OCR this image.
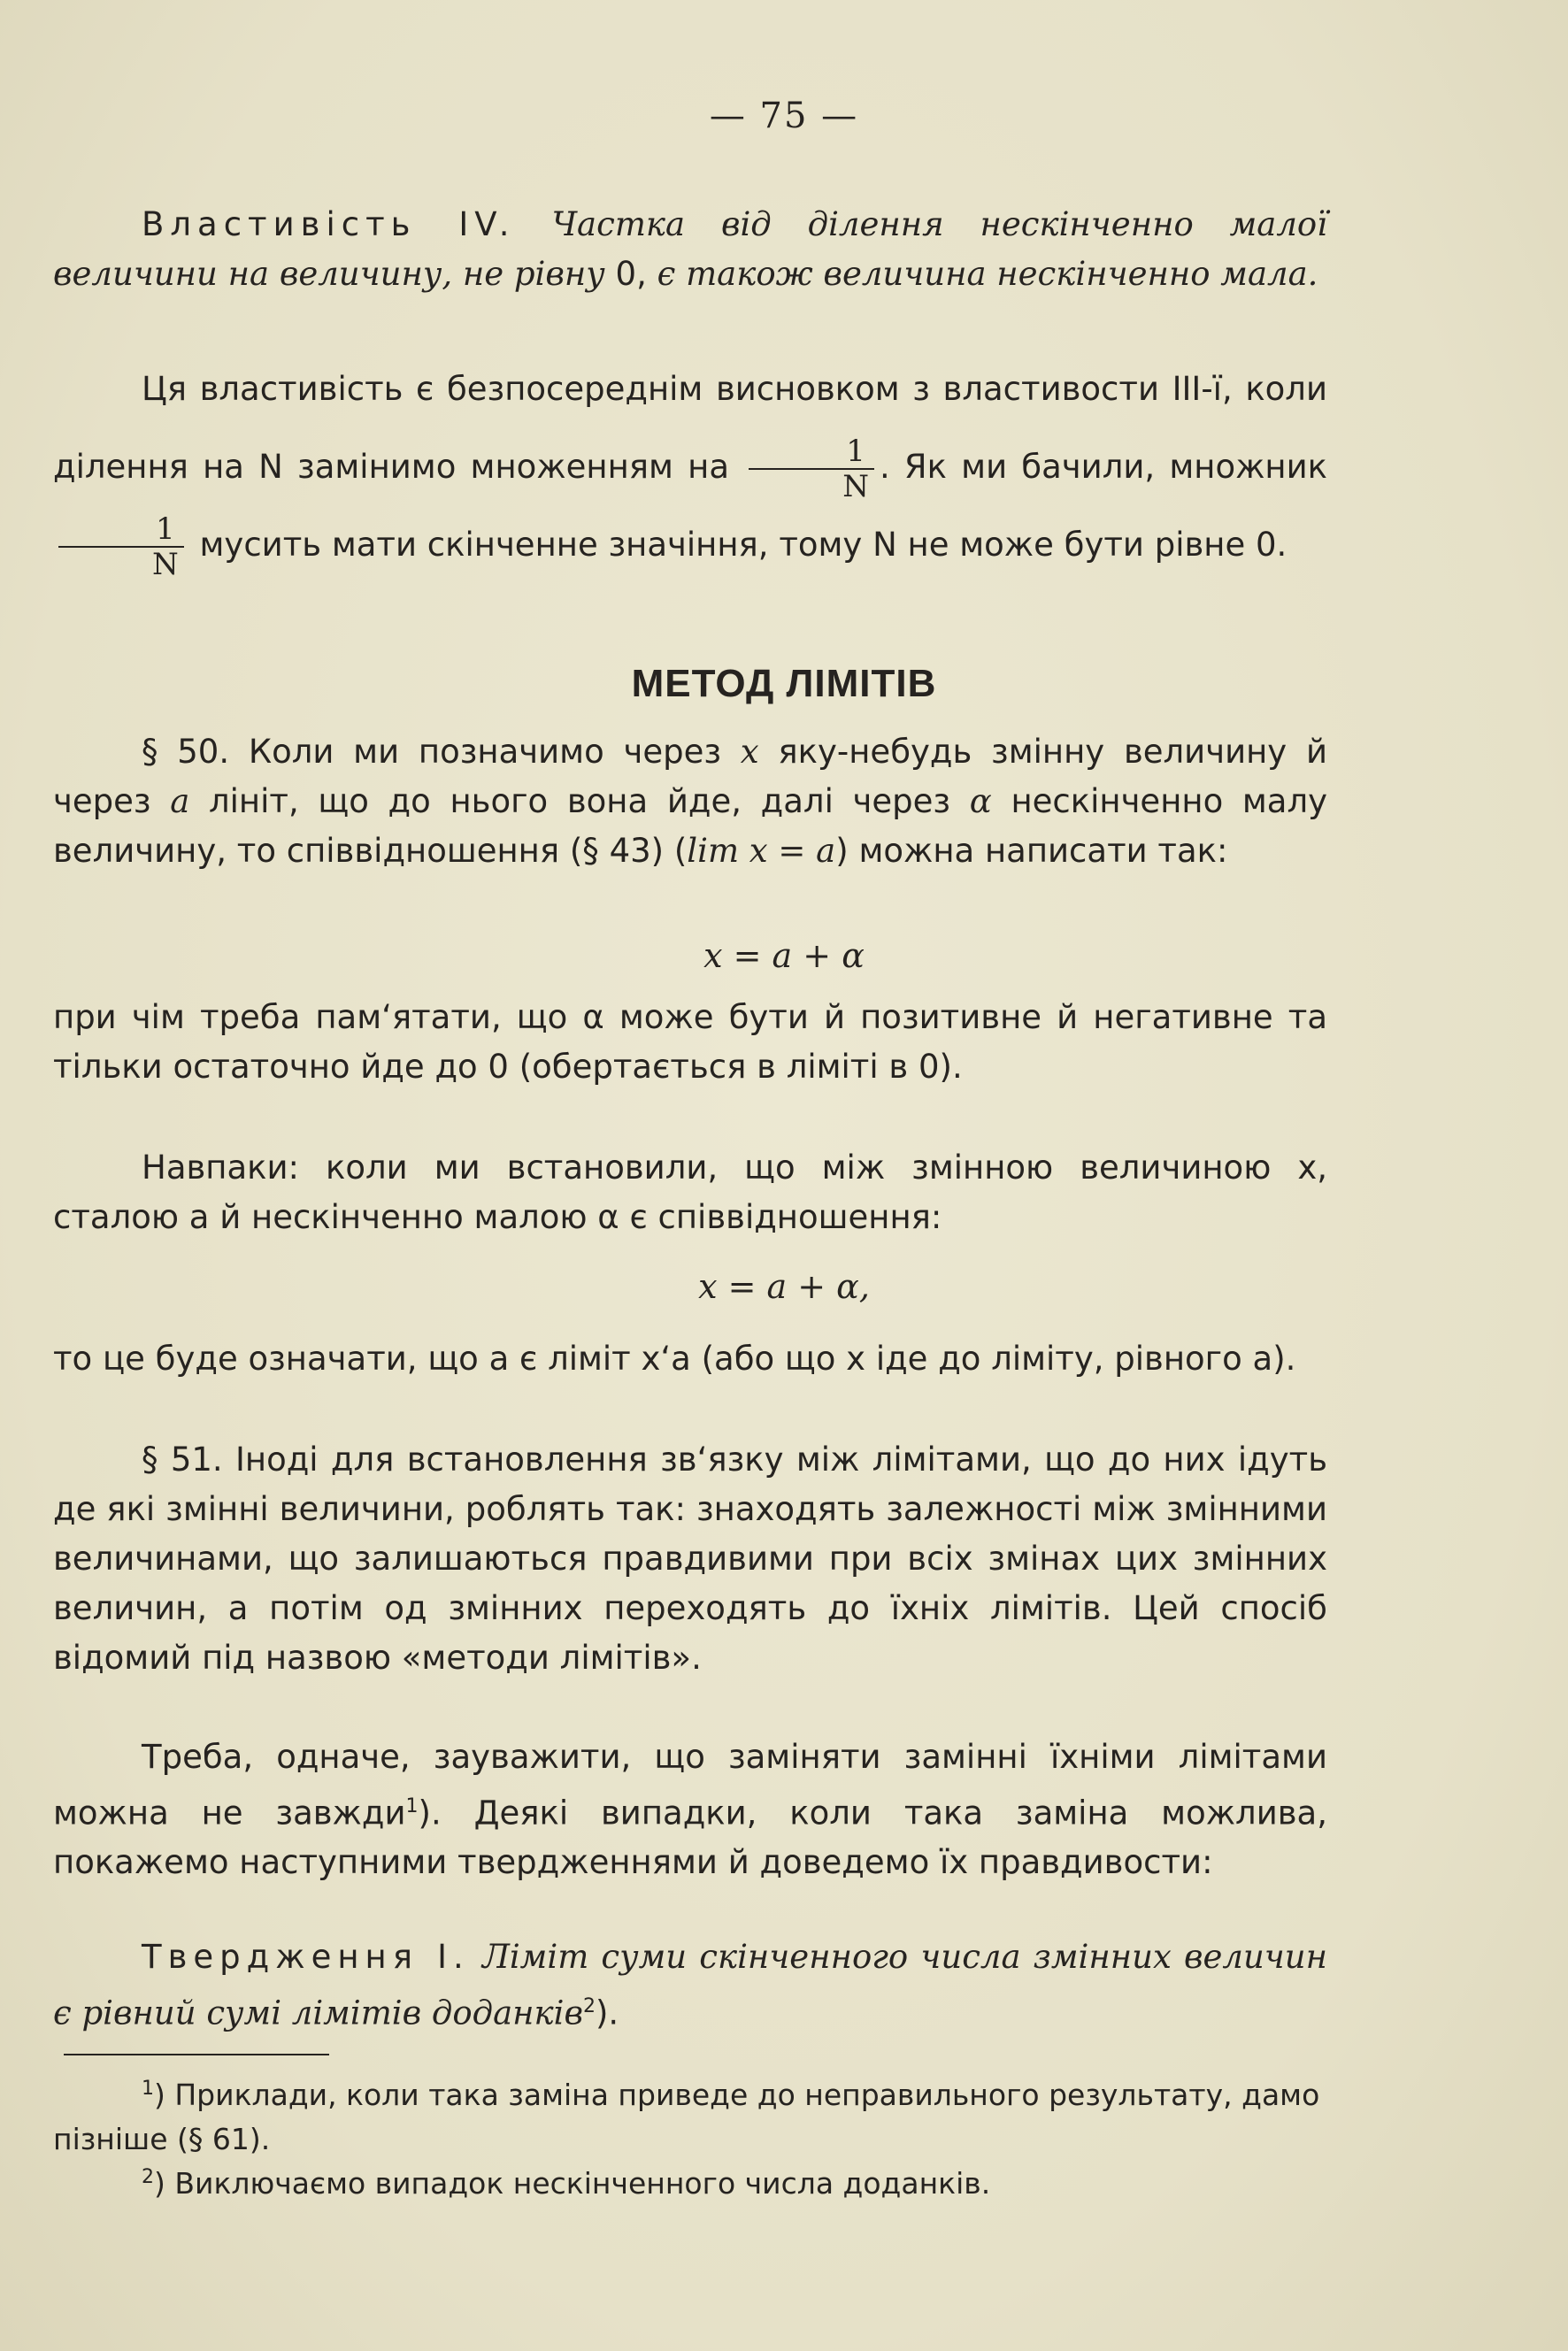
— 75 —
Властивість IV. Частка від ділення нескінченно малої величини на величину, не рівну 0, є також величина нескінченно мала.
Ця властивість є безпосереднім висновком з властивости III-ї, коли ділення на N замінимо множенням на $\frac{1}{N}$ . Як ми бачили, множник
$\frac{1}{N}$ мусить мати скінченне значіння, тому N не може бути рівне 0.
МЕТОД ЛІМІТІВ
§ 50. Коли ми позначимо через x яку-небудь змінну величину й через a лініт, що до нього вона йде, далі через α нескінченно малу величину, то співвідношення (§ 43) (lim x = a) можна написати так:
x = a + α
при чім треба пам‘ятати, що α може бути й позитивне й негативне та тільки остаточно йде до 0 (обертається в ліміті в 0).
Навпаки: коли ми встановили, що між змінною величиною x, сталою a й нескінченно малою α є співвідношення:
x = a + α,
то це буде означати, що a є ліміт x‘а (або що x іде до ліміту, рівного a).
§ 51. Іноді для встановлення зв‘язку між лімітами, що до них ідуть де які змінні величини, роблять так: знаходять залежності між змінними величинами, що залишаються правдивими при всіх змінах цих змінних величин, а потім од змінних переходять до їхніх лімітів. Цей спосіб відомий під назвою «методи лімітів».
Треба, одначе, зауважити, що заміняти замінні їхніми лімітами можна не завжди$^1$). Деякі випадки, коли така заміна можлива, покажемо наступними твердженнями й доведемо їх правдивости:
Твердження І. Ліміт суми скінченного числа змінних величин є рівний сумі лімітів доданків$^2$).
$^1$) Приклади, коли така заміна приведе до неправильного результату, дамо пізніше (§ 61).
$^2$) Виключаємо випадок нескінченного числа доданків.
